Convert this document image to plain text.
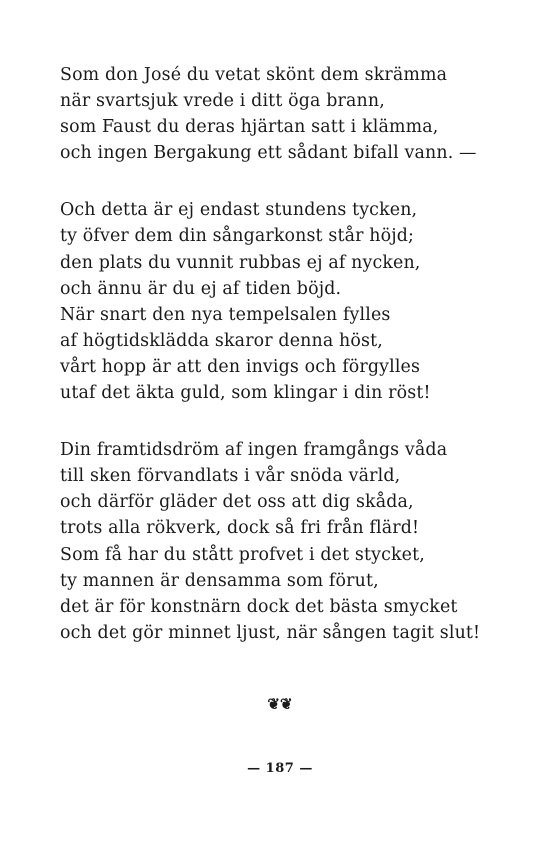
Som don José du vetat skönt dem skrämma
när svartsjuk vrede i ditt öga brann,
som Faust du deras hjärtan satt i klämma,
och ingen Bergakung ett sådant bifall vann. —
Och detta är ej endast stundens tycken,
ty öfver dem din sångarkonst står höjd;
den plats du vunnit rubbas ej af nycken,
och ännu är du ej af tiden böjd.
När snart den nya tempelsalen fylles
af högtidsklädda skaror denna höst,
vårt hopp är att den invigs och förgylles
utaf det äkta guld, som klingar i din röst!
Din framtidsdröm af ingen framgångs våda
till sken förvandlats i vår snöda värld,
och därför gläder det oss att dig skåda,
trots alla rökverk, dock så fri från flärd!
Som få har du stått profvet i det stycket,
ty mannen är densamma som förut,
det är för konstnärn dock det bästa smycket
och det gör minnet ljust, när sången tagit slut!
❦❦
— 187 —
